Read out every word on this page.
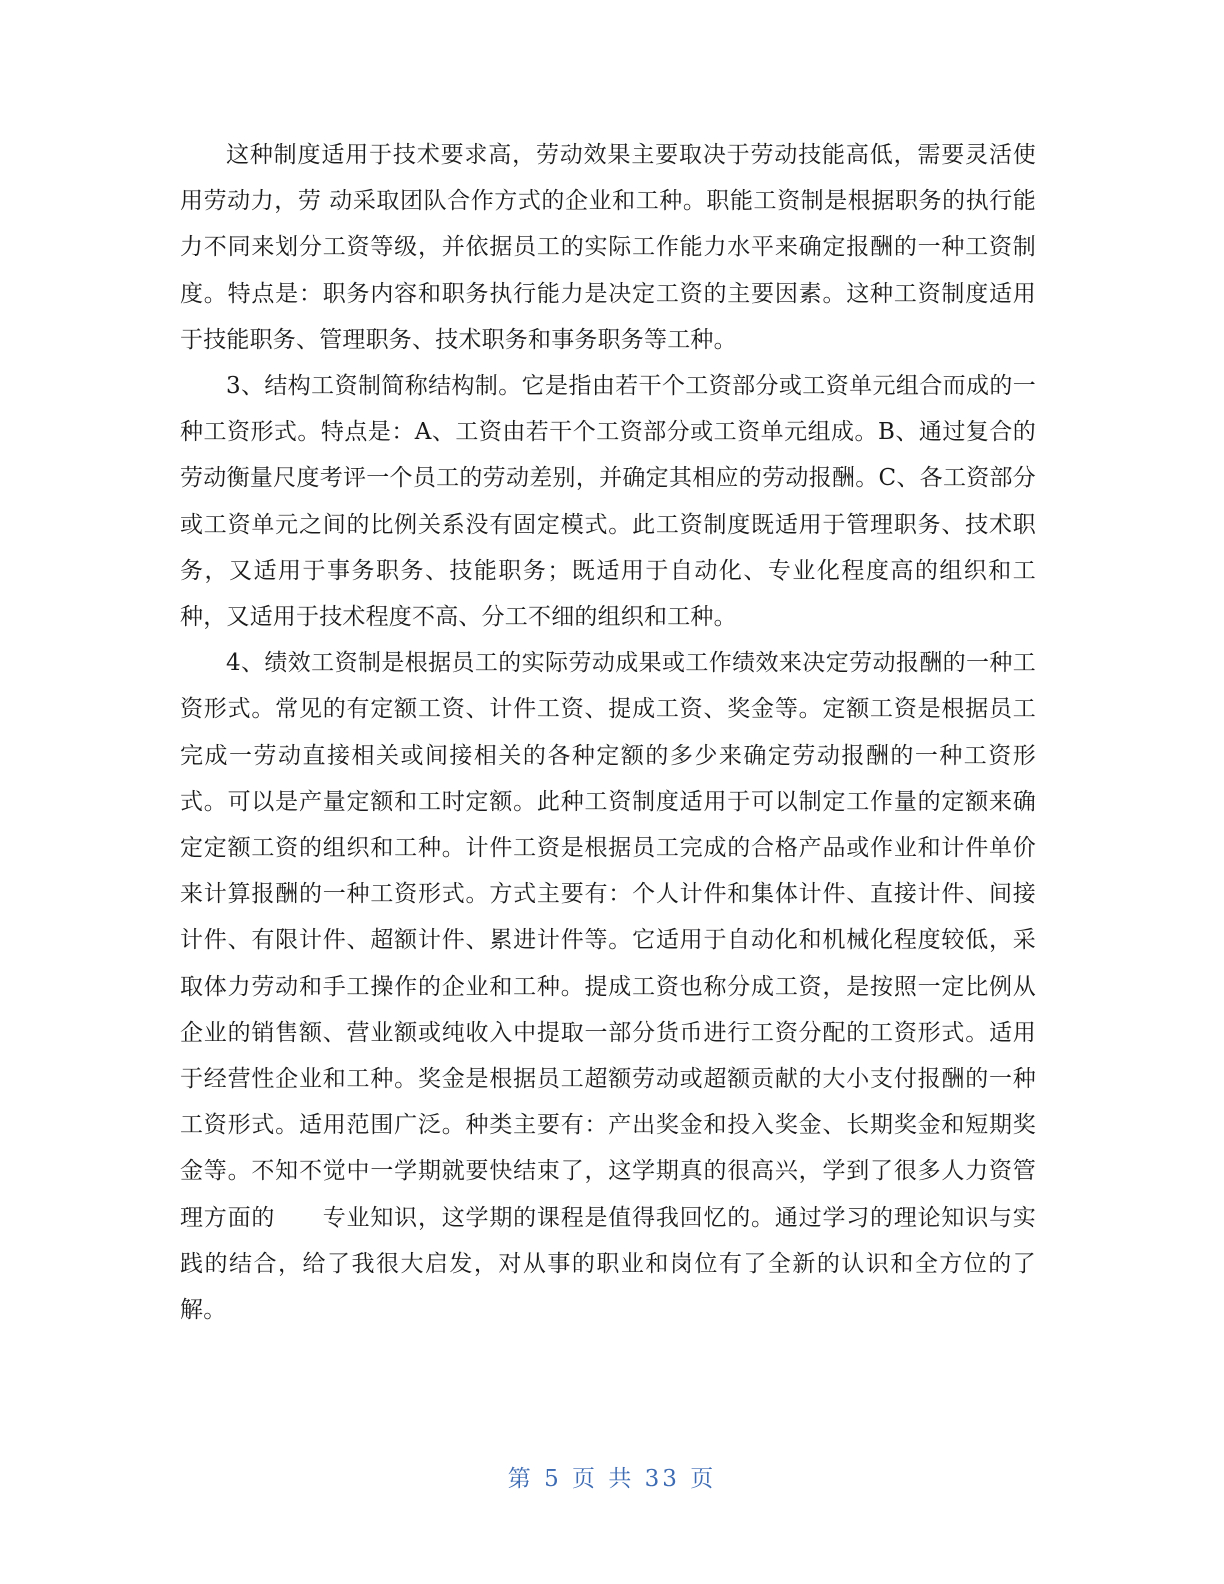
这种制度适用于技术要求高，劳动效果主要取决于劳动技能高低，需要灵活使用劳动力，劳 动采取团队合作方式的企业和工种。职能工资制是根据职务的执行能力不同来划分工资等级，并依据员工的实际工作能力水平来确定报酬的一种工资制度。特点是：职务内容和职务执行能力是决定工资的主要因素。这种工资制度适用于技能职务、管理职务、技术职务和事务职务等工种。

3、结构工资制简称结构制。它是指由若干个工资部分或工资单元组合而成的一种工资形式。特点是：A、工资由若干个工资部分或工资单元组成。B、通过复合的劳动衡量尺度考评一个员工的劳动差别，并确定其相应的劳动报酬。C、各工资部分或工资单元之间的比例关系没有固定模式。此工资制度既适用于管理职务、技术职务，又适用于事务职务、技能职务；既适用于自动化、专业化程度高的组织和工种，又适用于技术程度不高、分工不细的组织和工种。

4、绩效工资制是根据员工的实际劳动成果或工作绩效来决定劳动报酬的一种工资形式。常见的有定额工资、计件工资、提成工资、奖金等。定额工资是根据员工完成一劳动直接相关或间接相关的各种定额的多少来确定劳动报酬的一种工资形式。可以是产量定额和工时定额。此种工资制度适用于可以制定工作量的定额来确定定额工资的组织和工种。计件工资是根据员工完成的合格产品或作业和计件单价来计算报酬的一种工资形式。方式主要有：个人计件和集体计件、直接计件、间接计件、有限计件、超额计件、累进计件等。它适用于自动化和机械化程度较低，采取体力劳动和手工操作的企业和工种。提成工资也称分成工资，是按照一定比例从企业的销售额、营业额或纯收入中提取一部分货币进行工资分配的工资形式。适用于经营性企业和工种。奖金是根据员工超额劳动或超额贡献的大小支付报酬的一种工资形式。适用范围广泛。种类主要有：产出奖金和投入奖金、长期奖金和短期奖金等。不知不觉中一学期就要快结束了，这学期真的很高兴，学到了很多人力资管理方面的　　专业知识，这学期的课程是值得我回忆的。通过学习的理论知识与实践的结合，给了我很大启发，对从事的职业和岗位有了全新的认识和全方位的了解。

第 5 页 共 33 页
